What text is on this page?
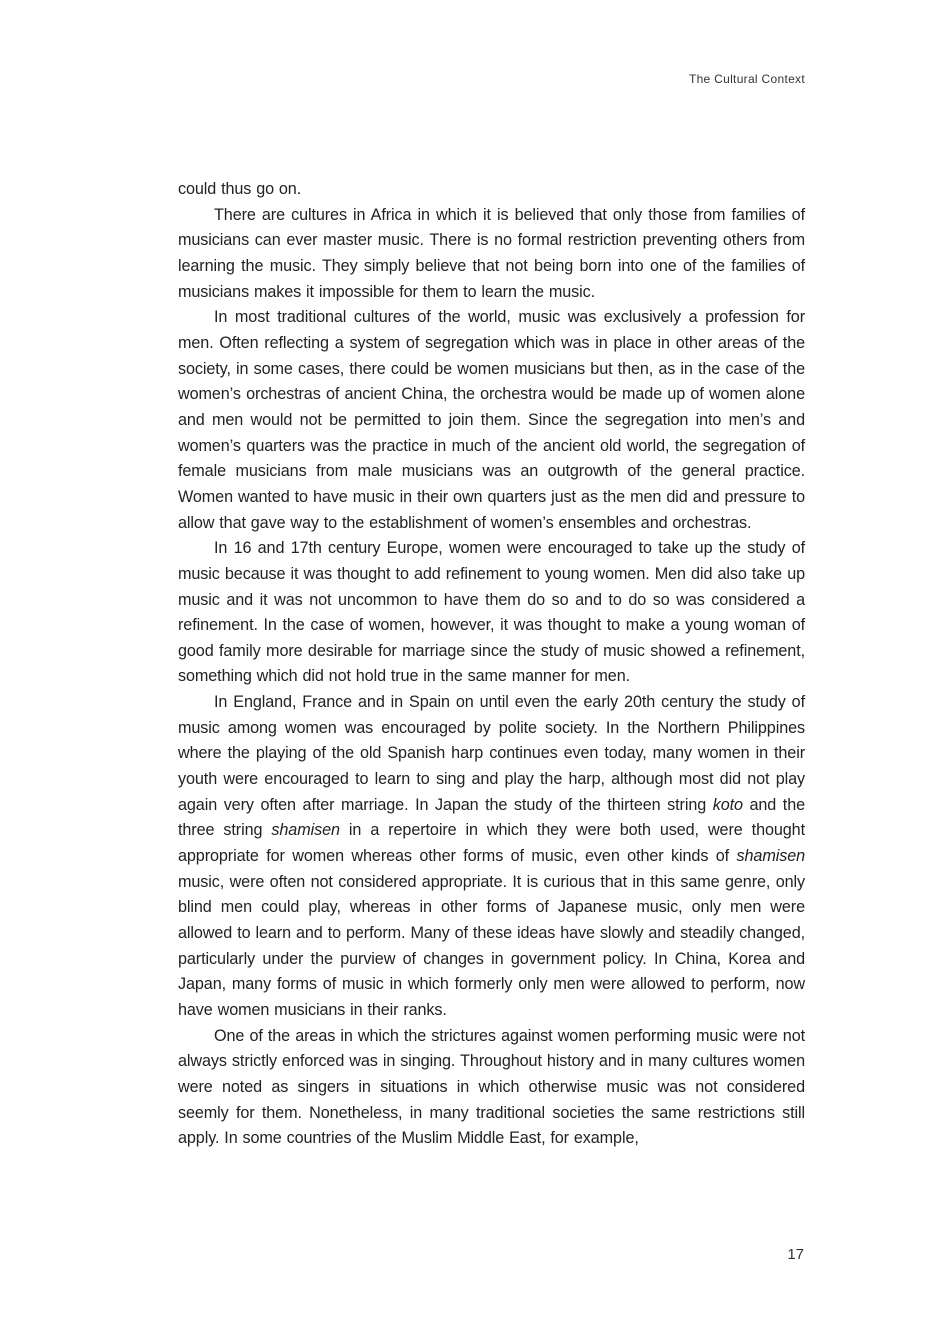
The Cultural Context

could thus go on.

There are cultures in Africa in which it is believed that only those from families of musicians can ever master music. There is no formal restriction preventing others from learning the music. They simply believe that not being born into one of the families of musicians makes it impossible for them to learn the music.

In most traditional cultures of the world, music was exclusively a profession for men. Often reflecting a system of segregation which was in place in other areas of the society, in some cases, there could be women musicians but then, as in the case of the women’s orchestras of ancient China, the orchestra would be made up of women alone and men would not be permitted to join them. Since the segregation into men’s and women’s quarters was the practice in much of the ancient old world, the segregation of female musicians from male musicians was an outgrowth of the general practice. Women wanted to have music in their own quarters just as the men did and pressure to allow that gave way to the establishment of women’s ensembles and orchestras.

In 16 and 17th century Europe, women were encouraged to take up the study of music because it was thought to add refinement to young women. Men did also take up music and it was not uncommon to have them do so and to do so was considered a refinement. In the case of women, however, it was thought to make a young woman of good family more desirable for marriage since the study of music showed a refinement, something which did not hold true in the same manner for men.

In England, France and in Spain on until even the early 20th century the study of music among women was encouraged by polite society. In the Northern Philippines where the playing of the old Spanish harp continues even today, many women in their youth were encouraged to learn to sing and play the harp, although most did not play again very often after marriage. In Japan the study of the thirteen string koto and the three string shamisen in a repertoire in which they were both used, were thought appropriate for women whereas other forms of music, even other kinds of shamisen music, were often not considered appropriate. It is curious that in this same genre, only blind men could play, whereas in other forms of Japanese music, only men were allowed to learn and to perform. Many of these ideas have slowly and steadily changed, particularly under the purview of changes in government policy. In China, Korea and Japan, many forms of music in which formerly only men were allowed to perform, now have women musicians in their ranks.

One of the areas in which the strictures against women performing music were not always strictly enforced was in singing. Throughout history and in many cultures women were noted as singers in situations in which otherwise music was not considered seemly for them. Nonetheless, in many traditional societies the same restrictions still apply. In some countries of the Muslim Middle East, for example,

17
